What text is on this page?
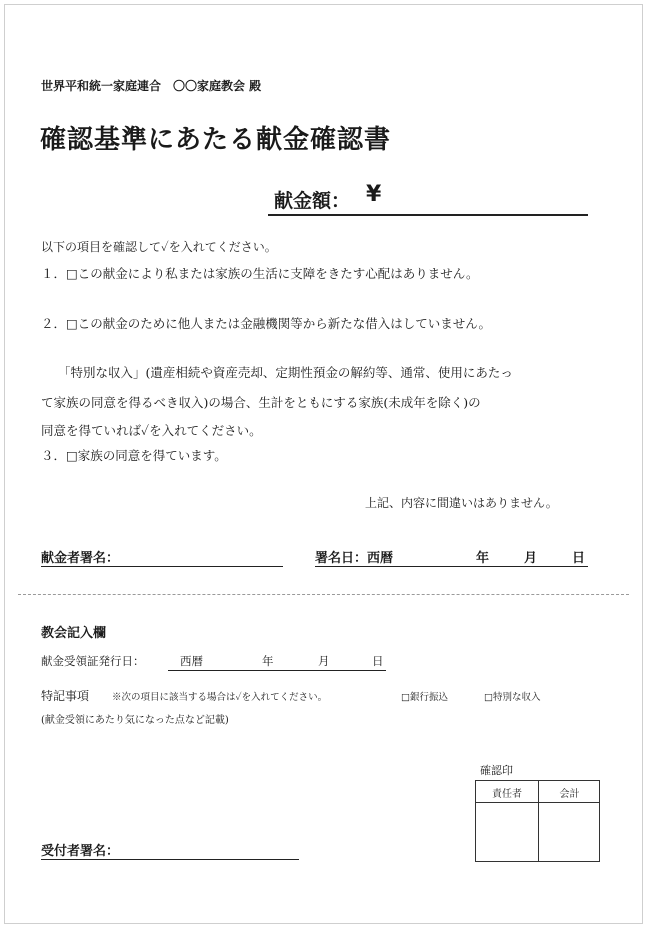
世界平和統一家庭連合　〇〇家庭教会 殿
確認基準にあたる献金確認書
献金額： ¥
以下の項目を確認して✓を入れてください。
１．□この献金により私または家族の生活に支障をきたす心配はありません。
２．□この献金のために他人または金融機関等から新たな借入はしていません。
「特別な収入」(遺産相続や資産売却、定期性預金の解約等、通常、使用にあたっ
て家族の同意を得るべき収入)の場合、生計をともにする家族(未成年を除く)の
同意を得ていれば✓を入れてください。
３．□家族の同意を得ています。
上記、内容に間違いはありません。
献金者署名：	署名日：西暦	年	月	日
教会記入欄
献金受領証発行日：	西暦	年	月	日
特記事項 ※次の項目に該当する場合は✓を入れてください。	□銀行振込	□特別な収入
(献金受領にあたり気になった点など記載)
確認印
責任者	会計
受付者署名：
